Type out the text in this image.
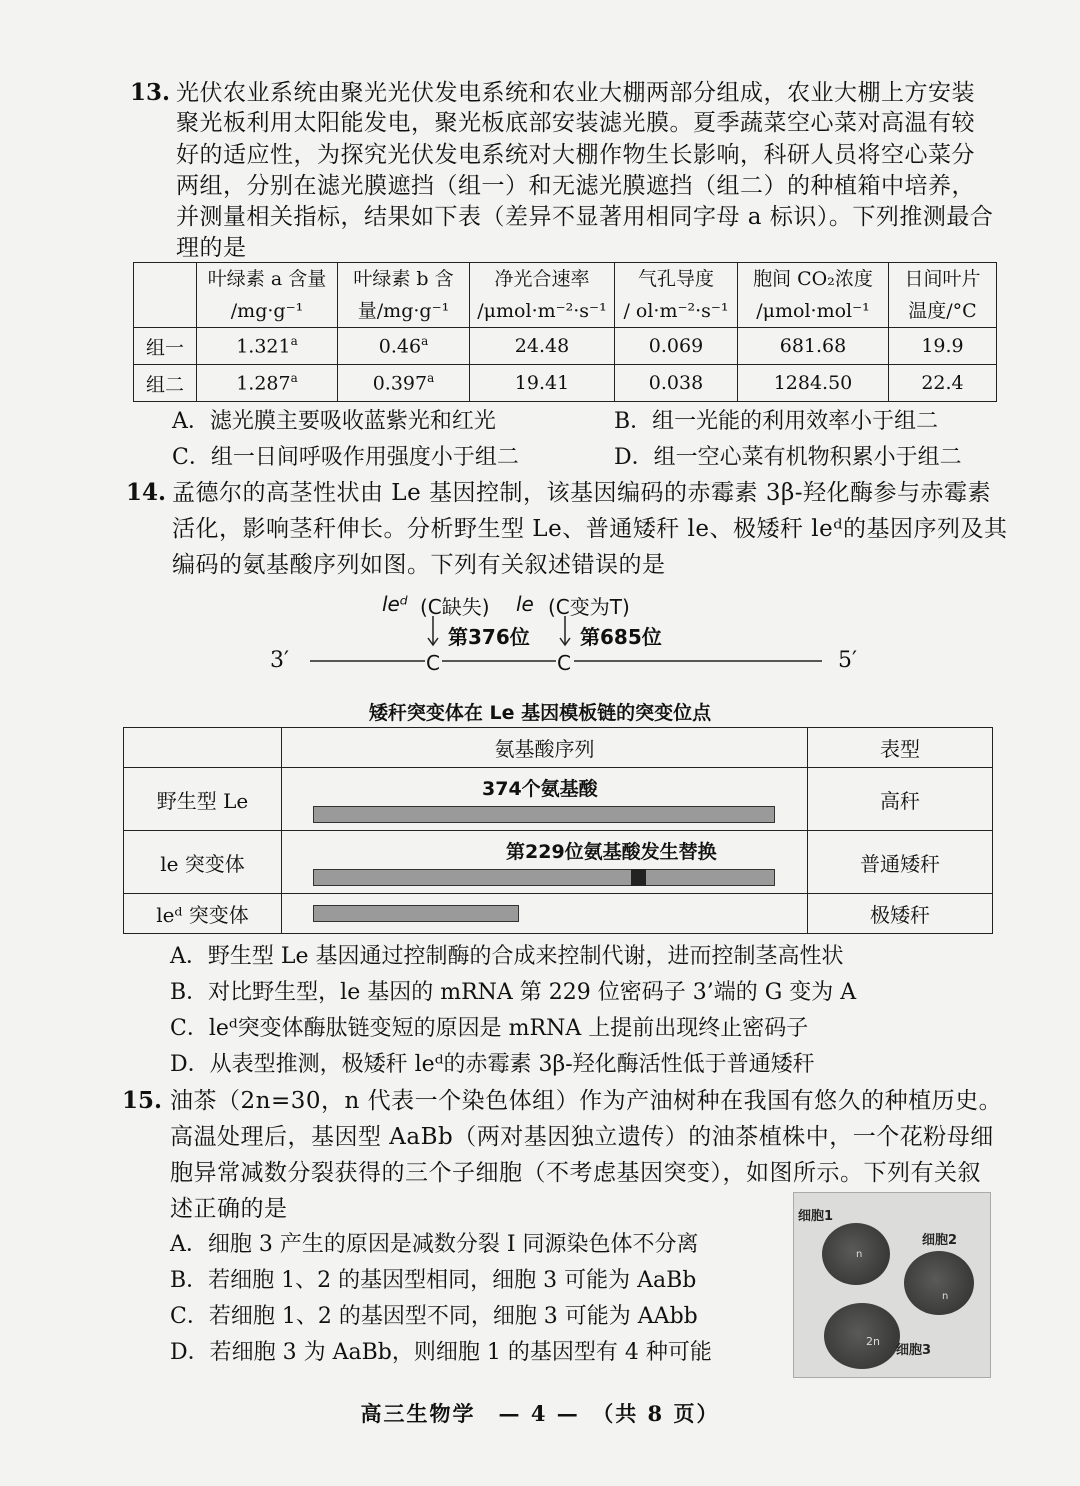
13. 光伏农业系统由聚光光伏发电系统和农业大棚两部分组成，农业大棚上方安装
聚光板利用太阳能发电，聚光板底部安装滤光膜。夏季蔬菜空心菜对高温有较
好的适应性，为探究光伏发电系统对大棚作物生长影响，科研人员将空心菜分
两组，分别在滤光膜遮挡（组一）和无滤光膜遮挡（组二）的种植箱中培养，
并测量相关指标，结果如下表（差异不显著用相同字母 a 标识）。下列推测最合
理的是
	叶绿素 a 含量	叶绿素 b 含	净光合速率	气孔导度	胞间 CO₂浓度	日间叶片
	/mg·g⁻¹	量/mg·g⁻¹	/μmol·m⁻²·s⁻¹	/ ol·m⁻²·s⁻¹	/μmol·mol⁻¹	温度/°C
组一	1.321$^a$	0.46$^a$	24.48	0.069	681.68	19.9
组二	1.287$^a$	0.397$^a$	19.41	0.038	1284.50	22.4
A．滤光膜主要吸收蓝紫光和红光	B．组一光能的利用效率小于组二
C．组一日间呼吸作用强度小于组二	D．组一空心菜有机物积累小于组二
14. 孟德尔的高茎性状由 Le 基因控制，该基因编码的赤霉素 3β-羟化酶参与赤霉素
活化，影响茎秆伸长。分析野生型 Le、普通矮秆 le、极矮秆 leᵈ的基因序列及其
编码的氨基酸序列如图。下列有关叙述错误的是
leᵈ (C缺失) le (C变为T)
第376位	第685位
3′	5′
C	C
矮秆突变体在 Le 基因模板链的突变位点
	氨基酸序列	表型
野生型 Le	374个氨基酸	高秆
le 突变体	第229位氨基酸发生替换	普通矮秆
leᵈ 突变体		极矮秆
A．野生型 Le 基因通过控制酶的合成来控制代谢，进而控制茎高性状
B．对比野生型，le 基因的 mRNA 第 229 位密码子 3’端的 G 变为 A
C．leᵈ突变体酶肽链变短的原因是 mRNA 上提前出现终止密码子
D．从表型推测，极矮秆 leᵈ的赤霉素 3β-羟化酶活性低于普通矮秆
15. 油茶（2n=30，n 代表一个染色体组）作为产油树种在我国有悠久的种植历史。
高温处理后，基因型 AaBb（两对基因独立遗传）的油茶植株中，一个花粉母细
胞异常减数分裂获得的三个子细胞（不考虑基因突变），如图所示。下列有关叙
述正确的是
A．细胞 3 产生的原因是减数分裂 I 同源染色体不分离
B．若细胞 1、2 的基因型相同，细胞 3 可能为 AaBb
C．若细胞 1、2 的基因型不同，细胞 3 可能为 AAbb
D．若细胞 3 为 AaBb，则细胞 1 的基因型有 4 种可能
n
n
2n
细胞1
细胞2
细胞3
高三生物学　— 4 —　（共 8 页）
